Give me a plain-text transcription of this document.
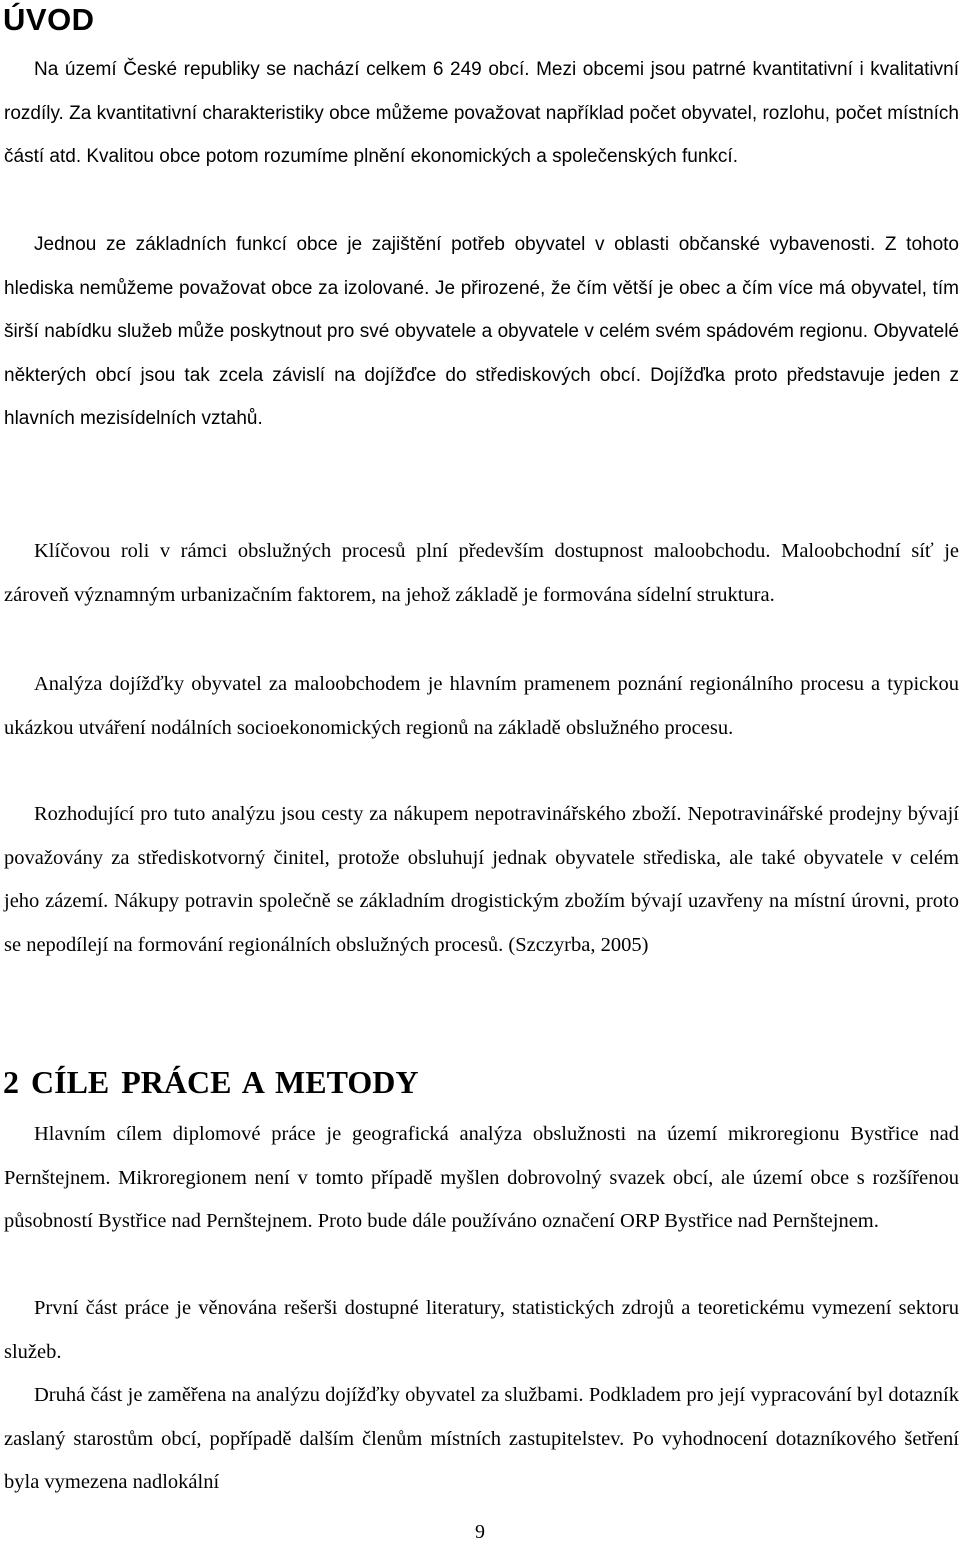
ÚVOD

Na území České republiky se nachází celkem 6 249 obcí. Mezi obcemi jsou patrné kvantitativní i kvalitativní rozdíly. Za kvantitativní charakteristiky obce můžeme považovat například počet obyvatel, rozlohu, počet místních částí atd. Kvalitou obce potom rozumíme plnění ekonomických a společenských funkcí.

Jednou ze základních funkcí obce je zajištění potřeb obyvatel v oblasti občanské vybavenosti. Z tohoto hlediska nemůžeme považovat obce za izolované. Je přirozené, že čím větší je obec a čím více má obyvatel, tím širší nabídku služeb může poskytnout pro své obyvatele a obyvatele v celém svém spádovém regionu. Obyvatelé některých obcí jsou tak zcela závislí na dojížďce do střediskových obcí. Dojížďka proto představuje jeden z hlavních mezisídelních vztahů.

Klíčovou roli v rámci obslužných procesů plní především dostupnost maloobchodu. Maloobchodní síť je zároveň významným urbanizačním faktorem, na jehož základě je formována sídelní struktura.

Analýza dojížďky obyvatel za maloobchodem je hlavním pramenem poznání regionálního procesu a typickou ukázkou utváření nodálních socioekonomických regionů na základě obslužného procesu.

Rozhodující pro tuto analýzu jsou cesty za nákupem nepotravinářského zboží. Nepotravinářské prodejny bývají považovány za střediskotvorný činitel, protože obsluhují jednak obyvatele střediska, ale také obyvatele v celém jeho zázemí. Nákupy potravin společně se základním drogistickým zbožím bývají uzavřeny na místní úrovni, proto se nepodílejí na formování regionálních obslužných procesů. (Szczyrba, 2005)

2 CÍLE PRÁCE A METODY

Hlavním cílem diplomové práce je geografická analýza obslužnosti na území mikroregionu Bystřice nad Pernštejnem. Mikroregionem není v tomto případě myšlen dobrovolný svazek obcí, ale území obce s rozšířenou působností Bystřice nad Pernštejnem. Proto bude dále používáno označení ORP Bystřice nad Pernštejnem.

První část práce je věnována rešerši dostupné literatury, statistických zdrojů a teoretickému vymezení sektoru služeb.

Druhá část je zaměřena na analýzu dojížďky obyvatel za službami. Podkladem pro její vypracování byl dotazník zaslaný starostům obcí, popřípadě dalším členům místních zastupitelstev. Po vyhodnocení dotazníkového šetření byla vymezena nadlokální

9
